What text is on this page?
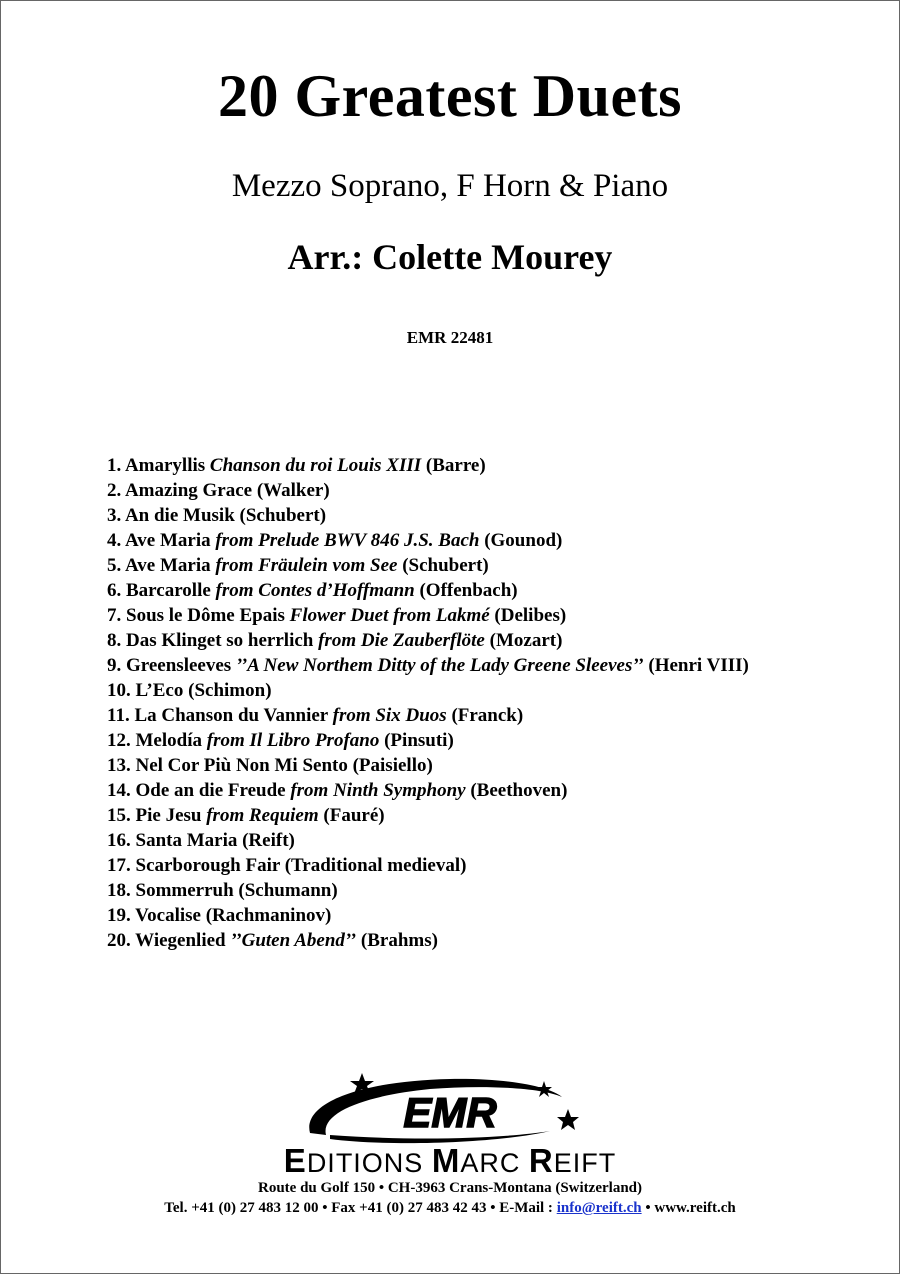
20 Greatest Duets
Mezzo Soprano, F Horn & Piano
Arr.: Colette Mourey
EMR 22481
1. Amaryllis Chanson du roi Louis XIII (Barre)
2. Amazing Grace (Walker)
3. An die Musik (Schubert)
4. Ave Maria from Prelude BWV 846 J.S. Bach (Gounod)
5. Ave Maria from Fräulein vom See (Schubert)
6. Barcarolle from Contes d’Hoffmann (Offenbach)
7. Sous le Dôme Epais Flower Duet from Lakmé (Delibes)
8. Das Klinget so herrlich from Die Zauberflöte (Mozart)
9. Greensleeves ’’A New Northem Ditty of the Lady Greene Sleeves’’ (Henri VIII)
10. L’Eco (Schimon)
11. La Chanson du Vannier from Six Duos (Franck)
12. Melodía from Il Libro Profano (Pinsuti)
13. Nel Cor Più Non Mi Sento (Paisiello)
14. Ode an die Freude from Ninth Symphony (Beethoven)
15. Pie Jesu from Requiem (Fauré)
16. Santa Maria (Reift)
17. Scarborough Fair (Traditional medieval)
18. Sommerruh (Schumann)
19. Vocalise (Rachmaninov)
20. Wiegenlied ’’Guten Abend’’ (Brahms)
EMR
EDITIONS MARC REIFT
Route du Golf 150 • CH-3963 Crans-Montana (Switzerland)
Tel. +41 (0) 27 483 12 00 • Fax +41 (0) 27 483 42 43 • E-Mail : info@reift.ch • www.reift.ch
